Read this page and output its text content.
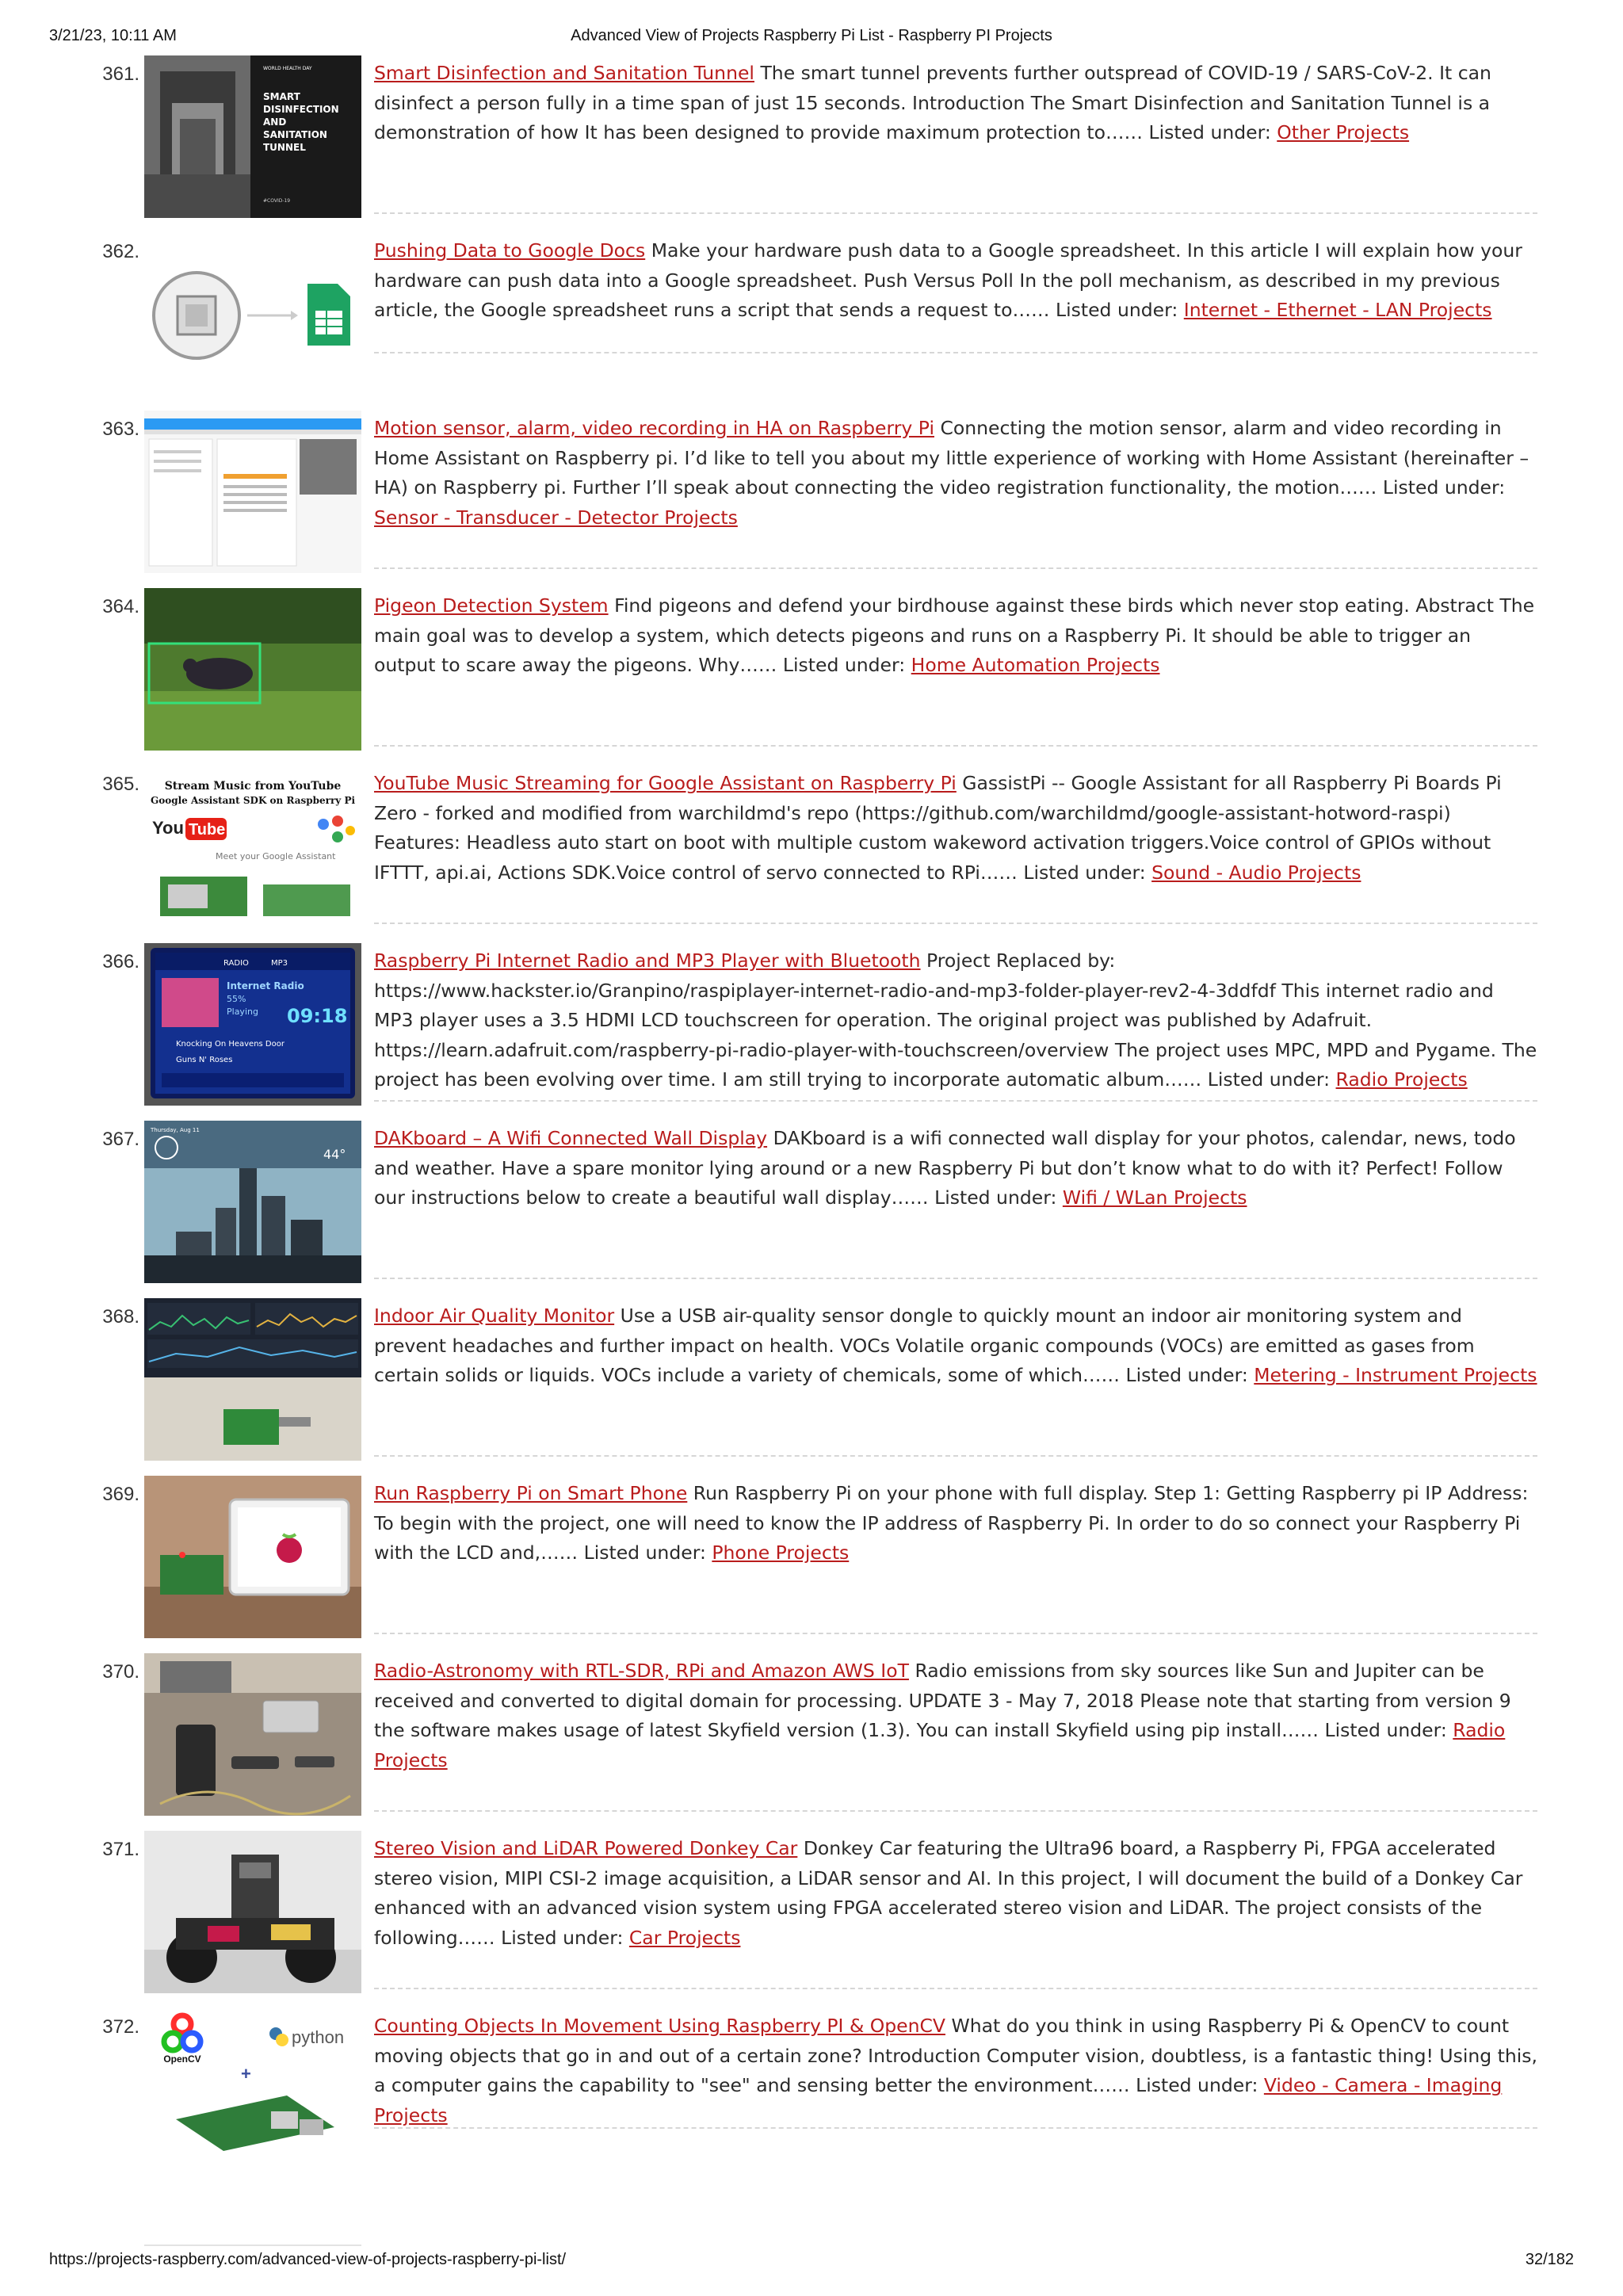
3/21/23, 10:11 AM	Advanced View of Projects Raspberry Pi List - Raspberry PI Projects
361.	WORLD HEALTH DAY
SMART
DISINFECTION
AND
SANITATION
TUNNEL
#COVID-19
Smart Disinfection and Sanitation Tunnel The smart tunnel prevents further outspread of COVID-19 / SARS-CoV-2. It can disinfect a person fully in a time span of just 15 seconds. Introduction The Smart Disinfection and Sanitation Tunnel is a demonstration of how It has been designed to provide maximum protection to…… Listed under: Other Projects
362.	Pushing Data to Google Docs Make your hardware push data to a Google spreadsheet. In this article I will explain how your hardware can push data into a Google spreadsheet. Push Versus Poll In the poll mechanism, as described in my previous article, the Google spreadsheet runs a script that sends a request to…… Listed under: Internet - Ethernet - LAN Projects
363.	Motion sensor, alarm, video recording in HA on Raspberry Pi Connecting the motion sensor, alarm and video recording in Home Assistant on Raspberry pi. I’d like to tell you about my little experience of working with Home Assistant (hereinafter – HA) on Raspberry pi. Further I’ll speak about connecting the video registration functionality, the motion…… Listed under: Sensor - Transducer - Detector Projects
364.	Pigeon Detection System Find pigeons and defend your birdhouse against these birds which never stop eating. Abstract The main goal was to develop a system, which detects pigeons and runs on a Raspberry Pi. It should be able to trigger an output to scare away the pigeons. Why…… Listed under: Home Automation Projects
365. Stream Music from YouTube
Google Assistant SDK on Raspberry Pi
You Tube
Meet your Google Assistant
YouTube Music Streaming for Google Assistant on Raspberry Pi GassistPi -- Google Assistant for all Raspberry Pi Boards Pi Zero - forked and modified from warchildmd's repo (https://github.com/warchildmd/google-assistant-hotword-raspi) Features: Headless auto start on boot with multiple custom wakeword activation triggers.Voice control of GPIOs without IFTTT, api.ai, Actions SDK.Voice control of servo connected to RPi…… Listed under: Sound - Audio Projects
366.	RADIO	MP3
Internet Radio
55%
Playing 09:18
Knocking On Heavens Door
Guns N' Roses
Raspberry Pi Internet Radio and MP3 Player with Bluetooth Project Replaced by: https://www.hackster.io/Granpino/raspiplayer-internet-radio-and-mp3-folder-player-rev2-4-3ddfdf This internet radio and MP3 player uses a 3.5 HDMI LCD touchscreen for operation. The original project was published by Adafruit. https://learn.adafruit.com/raspberry-pi-radio-player-with-touchscreen/overview The project uses MPC, MPD and Pygame. The project has been evolving over time. I am still trying to incorporate automatic album…… Listed under: Radio Projects
367. Thursday, Aug 11
44°
DAKboard – A Wifi Connected Wall Display DAKboard is a wifi connected wall display for your photos, calendar, news, todo and weather. Have a spare monitor lying around or a new Raspberry Pi but don’t know what to do with it? Perfect! Follow our instructions below to create a beautiful wall display…… Listed under: Wifi / WLan Projects
368.	Indoor Air Quality Monitor Use a USB air-quality sensor dongle to quickly mount an indoor air monitoring system and prevent headaches and further impact on health. VOCs Volatile organic compounds (VOCs) are emitted as gases from certain solids or liquids. VOCs include a variety of chemicals, some of which…… Listed under: Metering - Instrument Projects
369.	Run Raspberry Pi on Smart Phone Run Raspberry Pi on your phone with full display. Step 1: Getting Raspberry pi IP Address: To begin with the project, one will need to know the IP address of Raspberry Pi. In order to do so connect your Raspberry Pi with the LCD and,…… Listed under: Phone Projects
370.	Radio-Astronomy with RTL-SDR, RPi and Amazon AWS IoT Radio emissions from sky sources like Sun and Jupiter can be received and converted to digital domain for processing. UPDATE 3 - May 7, 2018 Please note that starting from version 9 the software makes usage of latest Skyfield version (1.3). You can install Skyfield using pip install…… Listed under: Radio Projects
371.	Stereo Vision and LiDAR Powered Donkey Car Donkey Car featuring the Ultra96 board, a Raspberry Pi, FPGA accelerated stereo vision, MIPI CSI-2 image acquisition, a LiDAR sensor and AI. In this project, I will document the build of a Donkey Car enhanced with an advanced vision system using FPGA accelerated stereo vision and LiDAR. The project consists of the following…… Listed under: Car Projects
372.
OpenCV
python
+
Counting Objects In Movement Using Raspberry PI & OpenCV What do you think in using Raspberry Pi & OpenCV to count moving objects that go in and out of a certain zone? Introduction Computer vision, doubtless, is a fantastic thing! Using this, a computer gains the capability to "see" and sensing better the environment…… Listed under: Video - Camera - Imaging Projects
https://projects-raspberry.com/advanced-view-of-projects-raspberry-pi-list/	32/182
